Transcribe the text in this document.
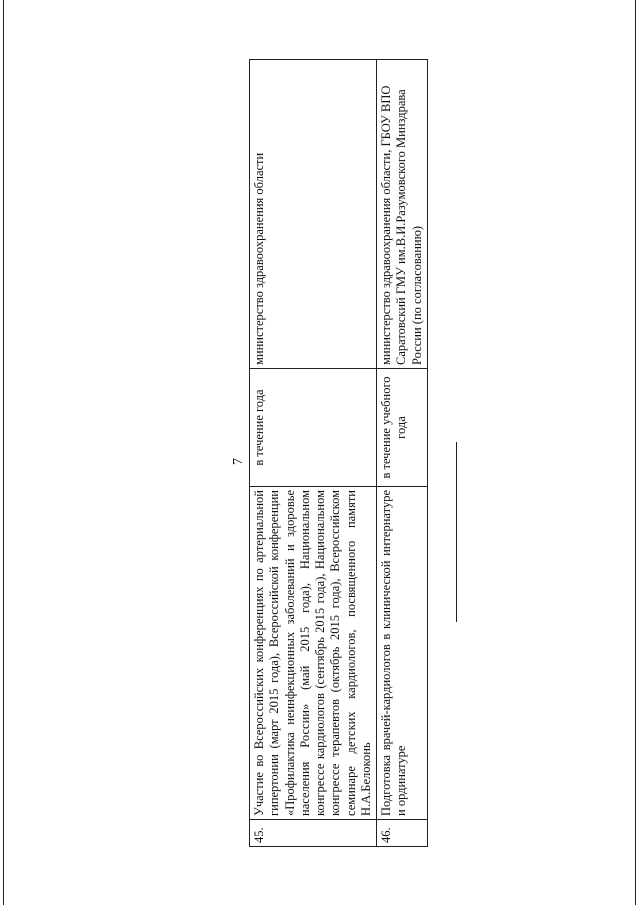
7
45.	Участие во Всероссийских конференциях по артериальной гипертонии (март 2015 года), Всероссийской конференции «Профилактика неинфекционных заболеваний и здоровье населения России» (май 2015 года), Национальном конгрессе кардиологов (сентябрь 2015 года), Национальном конгрессе терапевтов (октябрь 2015 года), Всероссийском семинаре детских кардиологов, посвященного памяти Н.А.Белоконь	в течение года	министерство здравоохранения области
46.	Подготовка врачей-кардиологов в клинической интернатуре и ординатуре	в течение учебного года	министерство здравоохранения области, ГБОУ ВПО Саратовский ГМУ им.В.И.Разумовского Минздрава России (по согласованию)
